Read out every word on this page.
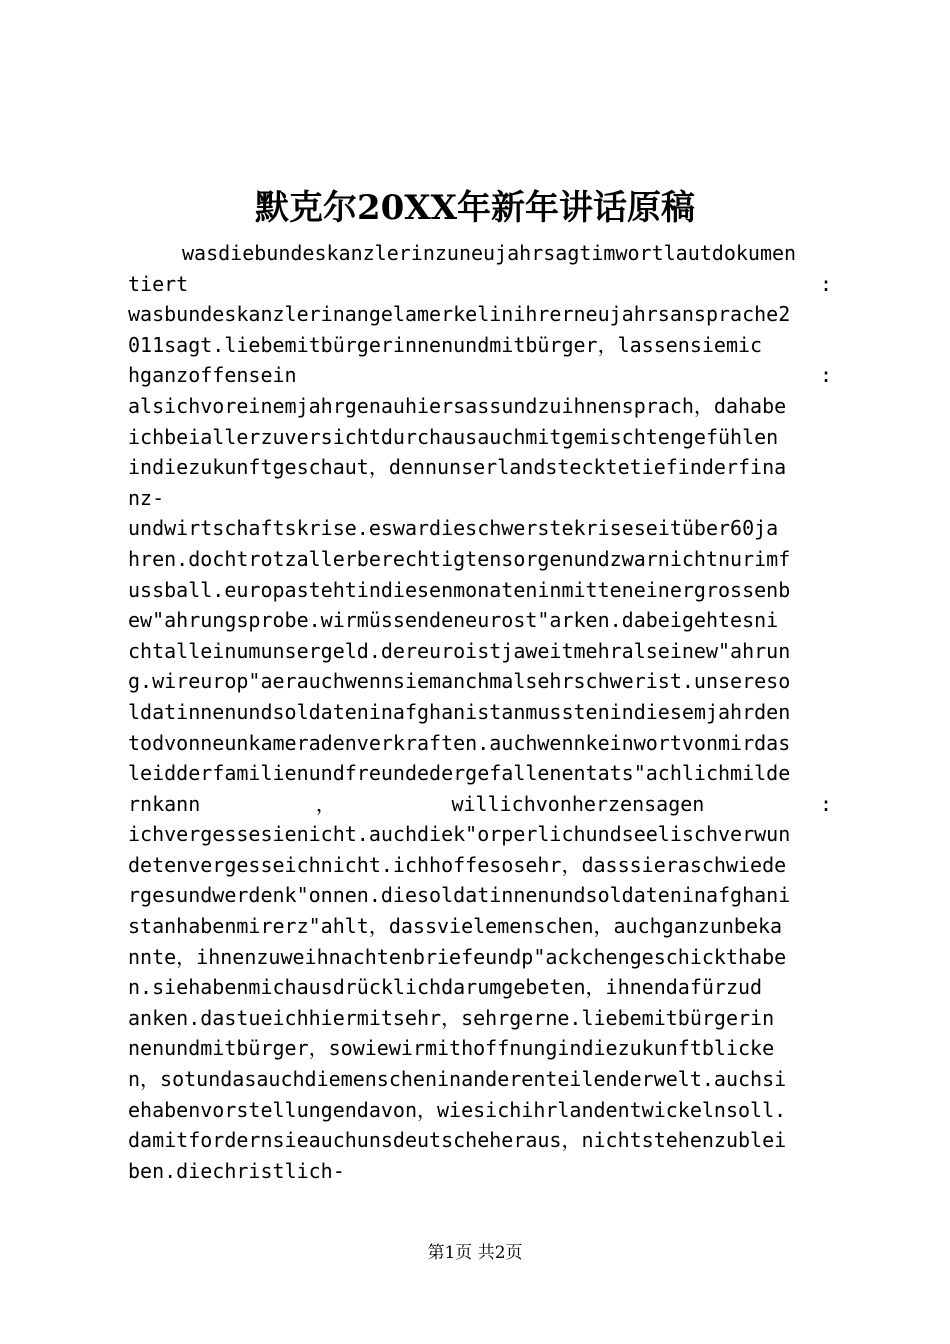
默克尔20XX年新年讲话原稿
wasdiebundeskanzlerinzuneujahrsagtimwortlautdokumen
tiert	:
wasbundeskanzlerinangelamerkelinihrerneujahrsansprache2
011sagt.liebemitbürgerinnenundmitbürger，lassensiemic
hganzoffensein	:
alsichvoreinemjahrgenauhiersassundzuihnensprach，dahabe
ichbeiallerzuversichtdurchausauchmitgemischtengefühlen
indiezukunftgeschaut，dennunserlandstecktetiefinderfina
nz-
undwirtschaftskrise.eswardieschwerstekriseseitüber60ja
hren.dochtrotzallerberechtigtensorgenundzwarnichtnurimf
ussball.europastehtindiesenmonateninmitteneinergrossenb
ew"ahrungsprobe.wirmüssendeneurost"arken.dabeigehtesni
chtalleinumunsergeld.dereuroistjaweitmehralseinew"ahrun
g.wireurop"aerauchwennsiemanchmalsehrschwerist.unsereso
ldatinnenundsoldateninafghanistanmusstenindiesemjahrden
todvonneunkameradenverkraften.auchwennkeinwortvonmirdas
leidderfamilienundfreundedergefallenentats"achlichmilde
rnkann	，	willichvonherzensagen	:
ichvergessesienicht.auchdiek"orperlichundseelischverwun
detenvergesseichnicht.ichhoffesosehr，dasssieraschwiede
rgesundwerdenk"onnen.diesoldatinnenundsoldateninafghani
stanhabenmirerz"ahlt，dassvielemenschen，auchganzunbeka
nnte，ihnenzuweihnachtenbriefeundp"ackchengeschickthabe
n.siehabenmichausdrücklichdarumgebeten，ihnendafürzud
anken.dastueichhiermitsehr，sehrgerne.liebemitbürgerin
nenundmitbürger，sowiewirmithoffnungindiezukunftblicke
n，sotundasauchdiemenscheninanderenteilenderwelt.auchsi
ehabenvorstellungendavon，wiesichihrlandentwickelnsoll.
damitfordernsieauchunsdeutscheheraus，nichtstehenzublei
ben.diechristlich-
第1页 共2页
